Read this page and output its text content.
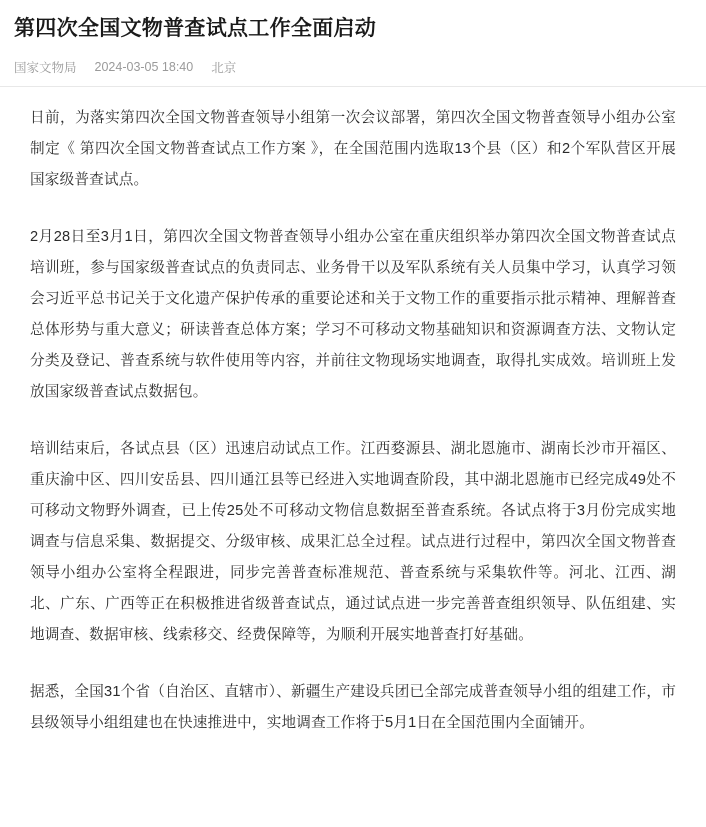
第四次全国文物普查试点工作全面启动
国家文物局 2024-03-05 18:40 北京

日前，为落实第四次全国文物普查领导小组第一次会议部署，第四次全国文物普查领导小组办公室制定《 第四次全国文物普查试点工作方案 》，在全国范围内选取13个县（区）和2个军队营区开展国家级普查试点。

2月28日至3月1日，第四次全国文物普查领导小组办公室在重庆组织举办第四次全国文物普查试点培训班，参与国家级普查试点的负责同志、业务骨干以及军队系统有关人员集中学习，认真学习领会习近平总书记关于文化遗产保护传承的重要论述和关于文物工作的重要指示批示精神、理解普查总体形势与重大意义；研读普查总体方案；学习不可移动文物基础知识和资源调查方法、文物认定分类及登记、普查系统与软件使用等内容，并前往文物现场实地调查，取得扎实成效。培训班上发放国家级普查试点数据包。

培训结束后，各试点县（区）迅速启动试点工作。江西婺源县、湖北恩施市、湖南长沙市开福区、重庆渝中区、四川安岳县、四川通江县等已经进入实地调查阶段，其中湖北恩施市已经完成49处不可移动文物野外调查，已上传25处不可移动文物信息数据至普查系统。各试点将于3月份完成实地调查与信息采集、数据提交、分级审核、成果汇总全过程。试点进行过程中，第四次全国文物普查领导小组办公室将全程跟进，同步完善普查标准规范、普查系统与采集软件等。河北、江西、湖北、广东、广西等正在积极推进省级普查试点，通过试点进一步完善普查组织领导、队伍组建、实地调查、数据审核、线索移交、经费保障等，为顺利开展实地普查打好基础。

据悉，全国31个省（自治区、直辖市）、新疆生产建设兵团已全部完成普查领导小组的组建工作，市县级领导小组组建也在快速推进中，实地调查工作将于5月1日在全国范围内全面铺开。
